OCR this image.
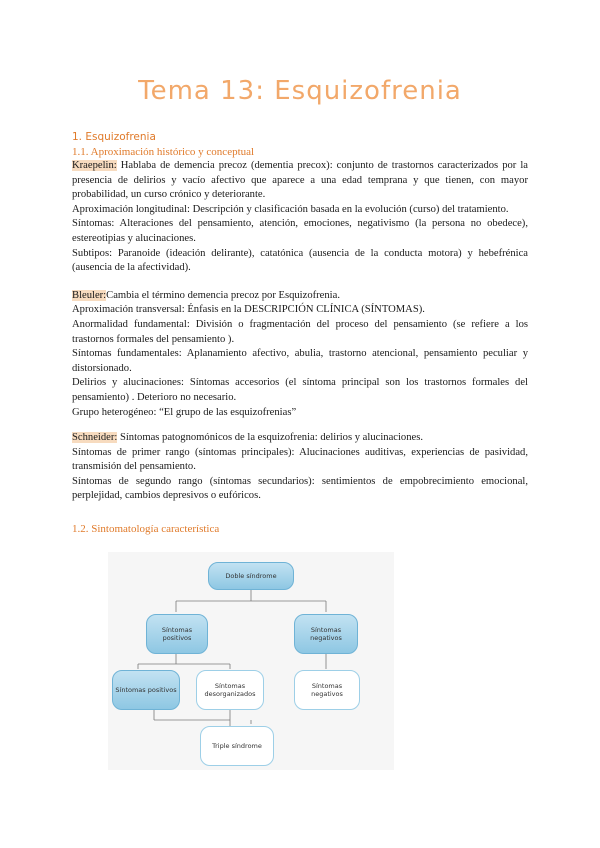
Tema 13: Esquizofrenia
1. Esquizofrenia
1.1. Aproximación histórico y conceptual

Kraepelin: Hablaba de demencia precoz (dementia precox): conjunto de trastornos caracterizados por la presencia de delirios y vacío afectivo que aparece a una edad temprana y que tienen, con mayor probabilidad, un curso crónico y deteriorante.

Aproximación longitudinal: Descripción y clasificación basada en la evolución (curso) del tratamiento.

Síntomas: Alteraciones del pensamiento, atención, emociones, negativismo (la persona no obedece), estereotipias y alucinaciones.

Subtipos: Paranoide (ideación delirante), catatónica (ausencia de la conducta motora) y hebefrénica (ausencia de la afectividad).

Bleuler:Cambia el término demencia precoz por Esquizofrenia.

Aproximación transversal: Énfasis en la DESCRIPCIÓN CLÍNICA (SÍNTOMAS).

Anormalidad fundamental: División o fragmentación del proceso del pensamiento (se refiere a los trastornos formales del pensamiento ).

Síntomas fundamentales: Aplanamiento afectivo, abulia, trastorno atencional, pensamiento peculiar y distorsionado.

Delirios y alucinaciones: Síntomas accesorios (el síntoma principal son los trastornos formales del pensamiento) . Deterioro no necesario.

Grupo heterogéneo: “El grupo de las esquizofrenias”

Schneider: Síntomas patognomónicos de la esquizofrenia: delirios y alucinaciones.

Síntomas de primer rango (síntomas principales): Alucinaciones auditivas, experiencias de pasividad, transmisión del pensamiento.

Síntomas de segundo rango (síntomas secundarios): sentimientos de empobrecimiento emocional, perplejidad, cambios depresivos o eufóricos.

1.2. Sintomatología característica
Doble síndrome
Síntomas positivos
Síntomas negativos
Síntomas positivos	Síntomas desorganizados
Síntomas negativos
Triple síndrome
